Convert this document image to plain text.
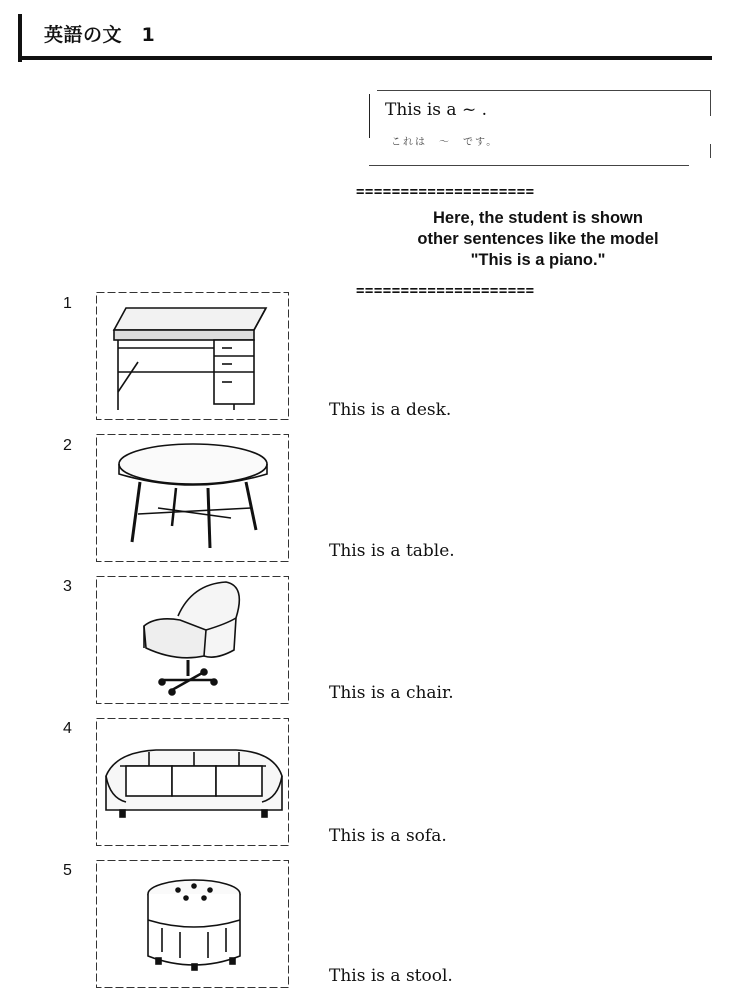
英語の文　1
This is a ~ .
これは　～　です。
====================
Here, the student is shown
other sentences like the model
"This is a piano."
====================
1
This is a desk.
2
This is a table.
3
This is a chair.
4
This is a sofa.
5
This is a stool.
